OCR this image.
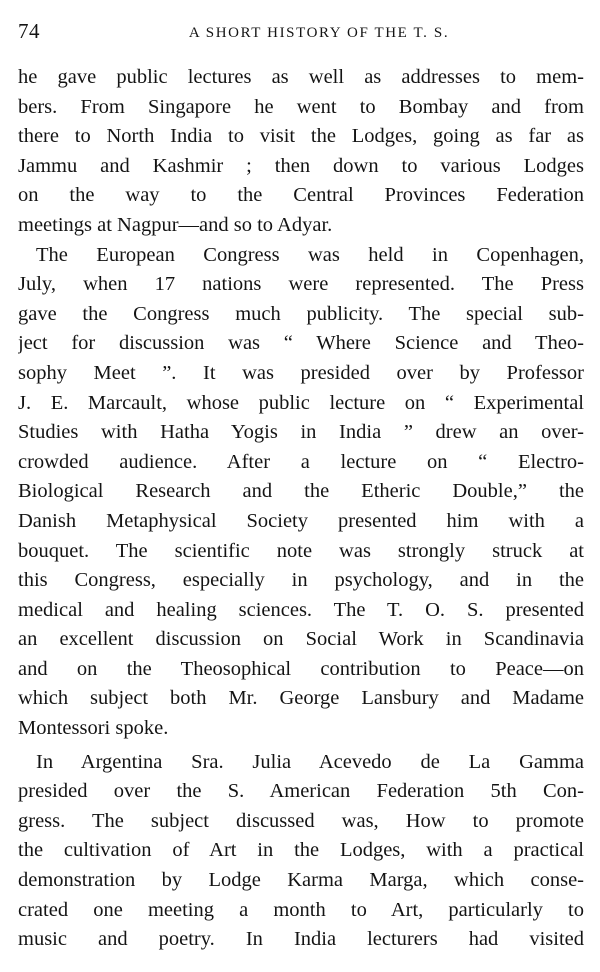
74	A SHORT HISTORY OF THE T. S.
he gave public lectures as well as addresses to mem-
bers. From Singapore he went to Bombay and from
there to North India to visit the Lodges, going as far as
Jammu and Kashmir ; then down to various Lodges
on the way to the Central Provinces Federation
meetings at Nagpur—and so to Adyar.
The European Congress was held in Copenhagen,
July, when 17 nations were represented. The Press
gave the Congress much publicity. The special sub-
ject for discussion was “ Where Science and Theo-
sophy Meet ”. It was presided over by Professor
J. E. Marcault, whose public lecture on “ Experimental
Studies with Hatha Yogis in India ” drew an over-
crowded audience. After a lecture on “ Electro-
Biological Research and the Etheric Double,” the
Danish Metaphysical Society presented him with a
bouquet. The scientific note was strongly struck at
this Congress, especially in psychology, and in the
medical and healing sciences. The T. O. S. presented
an excellent discussion on Social Work in Scandinavia
and on the Theosophical contribution to Peace—on
which subject both Mr. George Lansbury and Madame
Montessori spoke.
In Argentina Sra. Julia Acevedo de La Gamma
presided over the S. American Federation 5th Con-
gress. The subject discussed was, How to promote
the cultivation of Art in the Lodges, with a practical
demonstration by Lodge Karma Marga, which conse-
crated one meeting a month to Art, particularly to
music and poetry. In India lecturers had visited
